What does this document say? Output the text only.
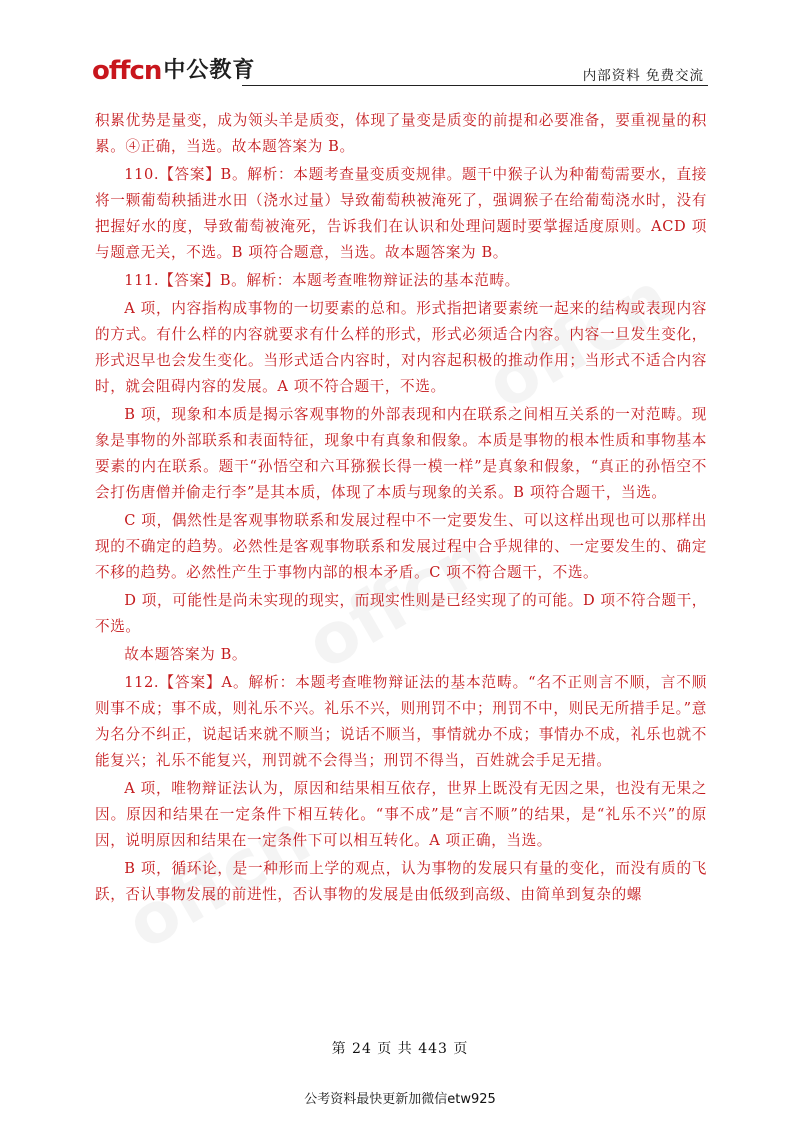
offcn 中公教育	内部资料 免费交流

积累优势是量变，成为领头羊是质变，体现了量变是质变的前提和必要准备，要重视量的积累。④正确，当选。故本题答案为 B。

110.【答案】B。解析：本题考查量变质变规律。题干中猴子认为种葡萄需要水，直接将一颗葡萄秧插进水田（浇水过量）导致葡萄秧被淹死了，强调猴子在给葡萄浇水时，没有把握好水的度，导致葡萄被淹死，告诉我们在认识和处理问题时要掌握适度原则。ACD 项与题意无关，不选。B 项符合题意，当选。故本题答案为 B。

111.【答案】B。解析：本题考查唯物辩证法的基本范畴。

A 项，内容指构成事物的一切要素的总和。形式指把诸要素统一起来的结构或表现内容的方式。有什么样的内容就要求有什么样的形式，形式必须适合内容。内容一旦发生变化，形式迟早也会发生变化。当形式适合内容时，对内容起积极的推动作用；当形式不适合内容时，就会阻碍内容的发展。A 项不符合题干，不选。

B 项，现象和本质是揭示客观事物的外部表现和内在联系之间相互关系的一对范畴。现象是事物的外部联系和表面特征，现象中有真象和假象。本质是事物的根本性质和事物基本要素的内在联系。题干“孙悟空和六耳猕猴长得一模一样”是真象和假象，“真正的孙悟空不会打伤唐僧并偷走行李”是其本质，体现了本质与现象的关系。B 项符合题干，当选。

C 项，偶然性是客观事物联系和发展过程中不一定要发生、可以这样出现也可以那样出现的不确定的趋势。必然性是客观事物联系和发展过程中合乎规律的、一定要发生的、确定不移的趋势。必然性产生于事物内部的根本矛盾。C 项不符合题干，不选。

D 项，可能性是尚未实现的现实，而现实性则是已经实现了的可能。D 项不符合题干，不选。

故本题答案为 B。

112.【答案】A。解析：本题考查唯物辩证法的基本范畴。“名不正则言不顺，言不顺则事不成；事不成，则礼乐不兴。礼乐不兴，则刑罚不中；刑罚不中，则民无所措手足。”意为名分不纠正，说起话来就不顺当；说话不顺当，事情就办不成；事情办不成，礼乐也就不能复兴；礼乐不能复兴，刑罚就不会得当；刑罚不得当，百姓就会手足无措。

A 项，唯物辩证法认为，原因和结果相互依存，世界上既没有无因之果，也没有无果之因。原因和结果在一定条件下相互转化。“事不成”是“言不顺”的结果，是“礼乐不兴”的原因，说明原因和结果在一定条件下可以相互转化。A 项正确，当选。

B 项，循环论，是一种形而上学的观点，认为事物的发展只有量的变化，而没有质的飞跃，否认事物发展的前进性，否认事物的发展是由低级到高级、由简单到复杂的螺

第 24 页 共 443 页
公考资料最快更新加微信etw925
